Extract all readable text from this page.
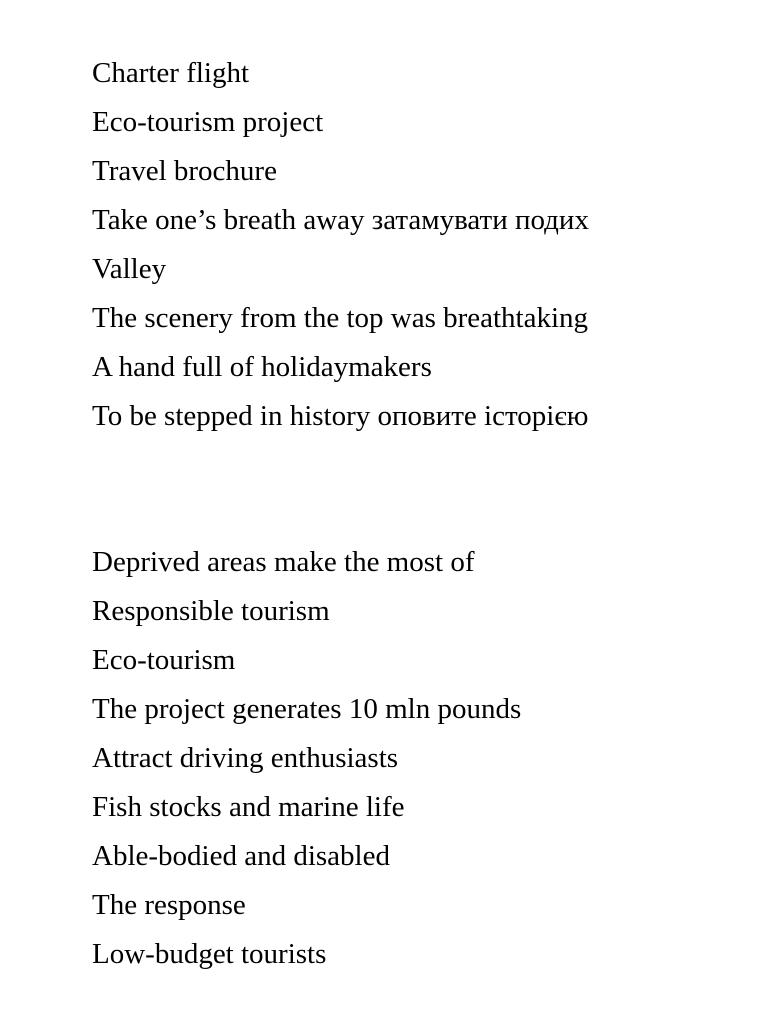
Charter flight
Eco-tourism project
Travel brochure
Take one’s breath away затамувати подих
Valley
The scenery from the top was breathtaking
A hand full of holidaymakers
To be stepped in history оповите історією
Deprived areas make the most of
Responsible tourism
Eco-tourism
The project generates 10 mln pounds
Attract driving enthusiasts
Fish stocks and marine life
Able-bodied and disabled
The response
Low-budget tourists
